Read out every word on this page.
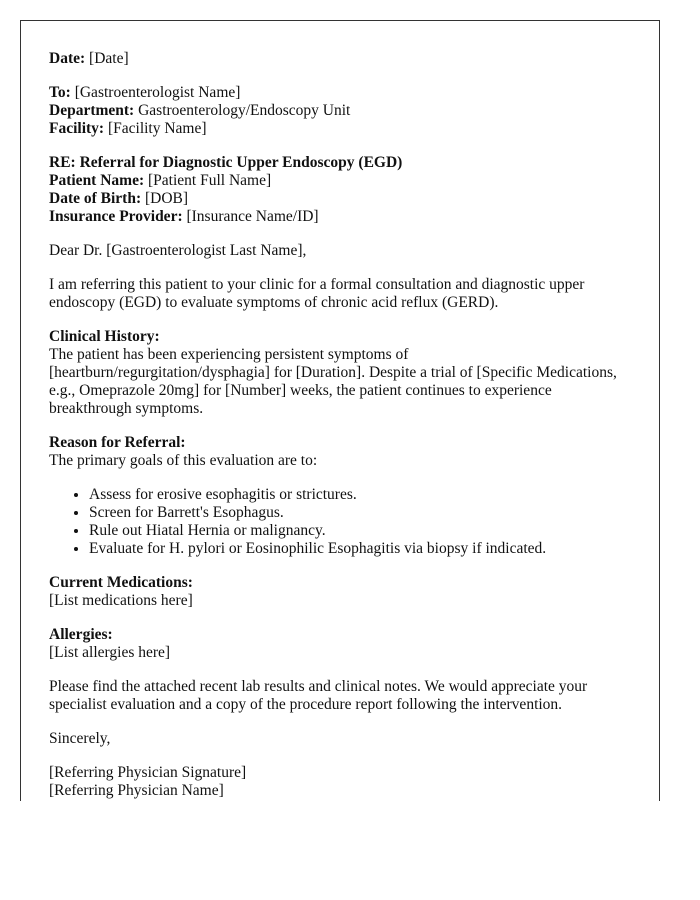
Date: [Date]

To: [Gastroenterologist Name]
Department: Gastroenterology/Endoscopy Unit
Facility: [Facility Name]

RE: Referral for Diagnostic Upper Endoscopy (EGD)
Patient Name: [Patient Full Name]
Date of Birth: [DOB]
Insurance Provider: [Insurance Name/ID]

Dear Dr. [Gastroenterologist Last Name],

I am referring this patient to your clinic for a formal consultation and diagnostic upper endoscopy (EGD) to evaluate symptoms of chronic acid reflux (GERD).

Clinical History:
The patient has been experiencing persistent symptoms of [heartburn/regurgitation/dysphagia] for [Duration]. Despite a trial of [Specific Medications, e.g., Omeprazole 20mg] for [Number] weeks, the patient continues to experience breakthrough symptoms.

Reason for Referral:
The primary goals of this evaluation are to:
• Assess for erosive esophagitis or strictures.
• Screen for Barrett's Esophagus.
• Rule out Hiatal Hernia or malignancy.
• Evaluate for H. pylori or Eosinophilic Esophagitis via biopsy if indicated.

Current Medications:
[List medications here]

Allergies:
[List allergies here]

Please find the attached recent lab results and clinical notes. We would appreciate your specialist evaluation and a copy of the procedure report following the intervention.

Sincerely,

[Referring Physician Signature]
[Referring Physician Name]
